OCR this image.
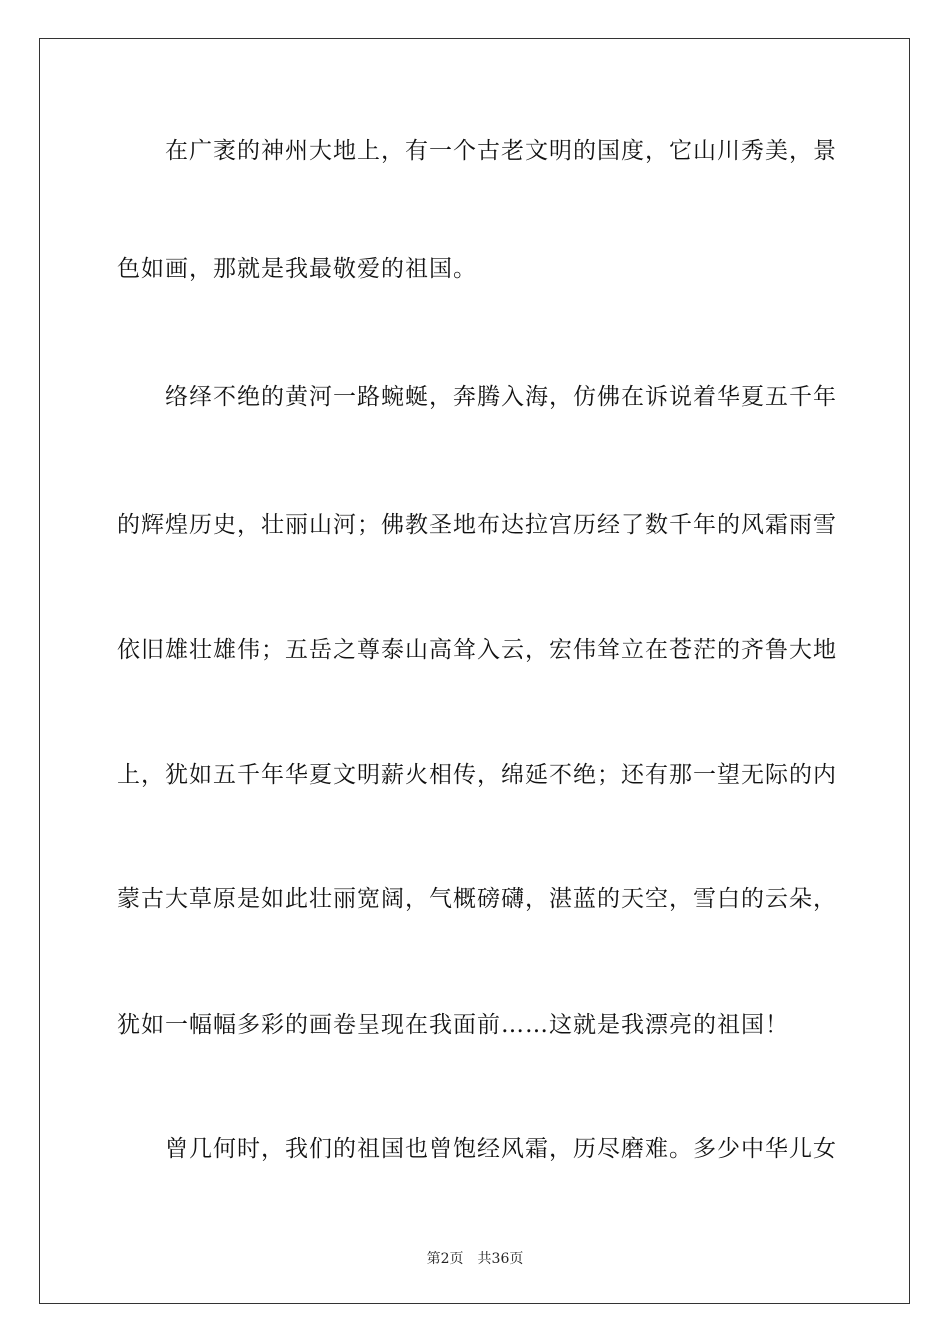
在广袤的神州大地上，有一个古老文明的国度，它山川秀美，景
色如画，那就是我最敬爱的祖国。
络绎不绝的黄河一路蜿蜒，奔腾入海，仿佛在诉说着华夏五千年
的辉煌历史，壮丽山河；佛教圣地布达拉宫历经了数千年的风霜雨雪
依旧雄壮雄伟；五岳之尊泰山高耸入云，宏伟耸立在苍茫的齐鲁大地
上，犹如五千年华夏文明薪火相传，绵延不绝；还有那一望无际的内
蒙古大草原是如此壮丽宽阔，气概磅礴，湛蓝的天空，雪白的云朵，
犹如一幅幅多彩的画卷呈现在我面前……这就是我漂亮的祖国！
曾几何时，我们的祖国也曾饱经风霜，历尽磨难。多少中华儿女
第2页 共36页
